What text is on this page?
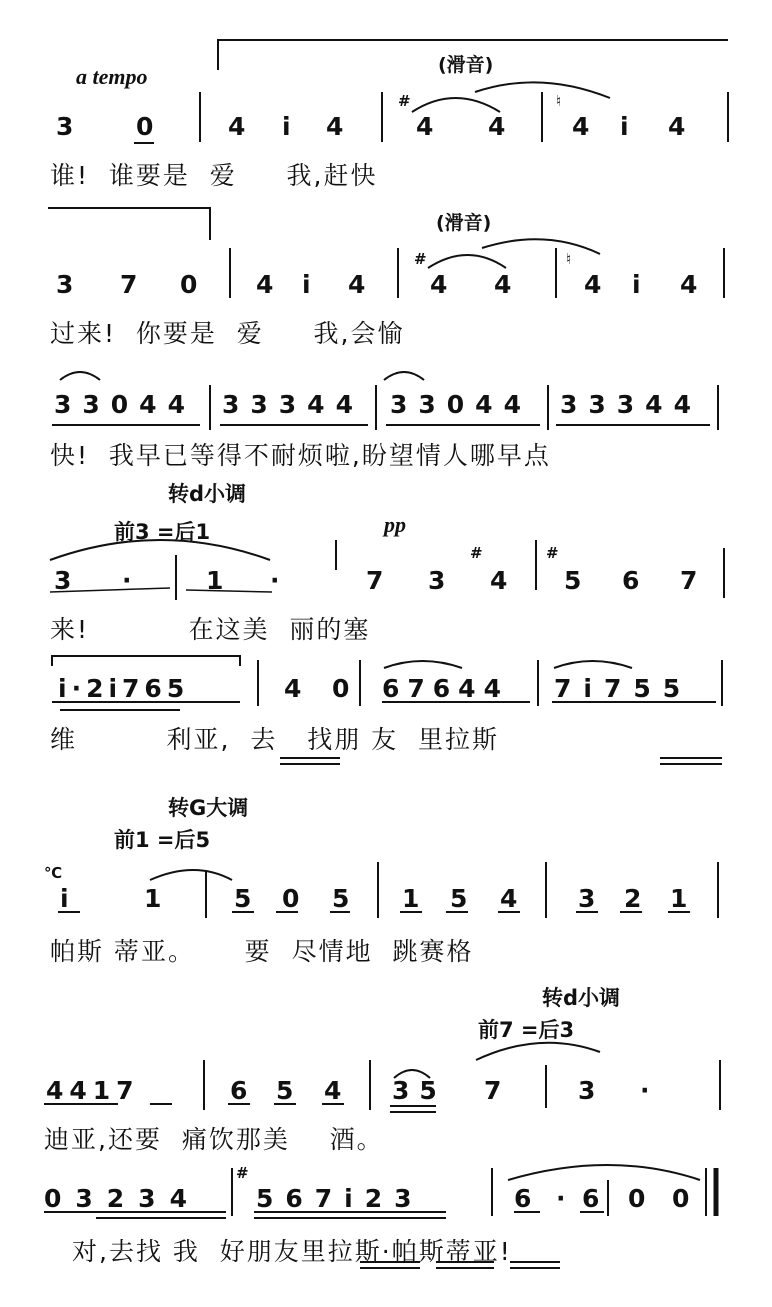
a tempo	(滑音)
(滑音)
3	0	4 i 4
#
4 4
♮
4 i 4
谁!  谁要是  爱     我,赶快
3 7 0 4 i 4
#
4 4
♮
4 i 4
过来!  你要是  爱     我,会愉
33044 33344 33044 33344
快!  我早已等得不耐烦啦,盼望情人哪早点
转d小调
前3 =后1	pp
3 ·	1 ·	7 3
#
4
#
5 6 7
来!          在这美  丽的塞
i·2i765	4 0 67644 7i755
维         利亚,  去   找朋 友  里拉斯
转G大调
前1 =后5
℃
i	1	5 0 5 1 5 4 3 2 1
帕斯 蒂亚。     要  尽情地  跳赛格
转d小调
前7 =后3
4417	6 5 4 35 7	3 ·
迪亚,还要  痛饮那美    酒。
03234
#
567i23	6 · 6 0 0
对,去找 我  好朋友里拉斯·帕斯蒂亚!
